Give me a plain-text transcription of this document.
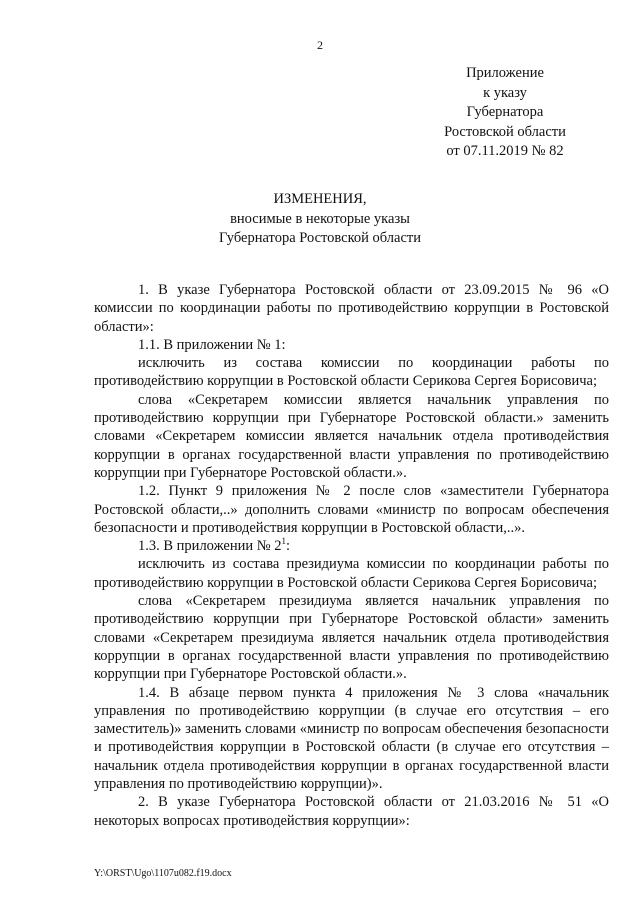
2
Приложение
к указу
Губернатора
Ростовской области
от 07.11.2019 № 82
ИЗМЕНЕНИЯ,
вносимые в некоторые указы
Губернатора Ростовской области

1. В указе Губернатора Ростовской области от 23.09.2015 № 96 «О комиссии по координации работы по противодействию коррупции в Ростовской области»:

1.1. В приложении № 1:

исключить из состава комиссии по координации работы по противодействию коррупции в Ростовской области Серикова Сергея Борисовича;

слова «Секретарем комиссии является начальник управления по противодействию коррупции при Губернаторе Ростовской области.» заменить словами «Секретарем комиссии является начальник отдела противодействия коррупции в органах государственной власти управления по противодействию коррупции при Губернаторе Ростовской области.».

1.2. Пункт 9 приложения № 2 после слов «заместители Губернатора Ростовской области,..» дополнить словами «министр по вопросам обеспечения безопасности и противодействия коррупции в Ростовской области,..».

1.3. В приложении № $2^1$:

исключить из состава президиума комиссии по координации работы по противодействию коррупции в Ростовской области Серикова Сергея Борисовича;

слова «Секретарем президиума является начальник управления по противодействию коррупции при Губернаторе Ростовской области» заменить словами «Секретарем президиума является начальник отдела противодействия коррупции в органах государственной власти управления по противодействию коррупции при Губернаторе Ростовской области.».

1.4. В абзаце первом пункта 4 приложения № 3 слова «начальник управления по противодействию коррупции (в случае его отсутствия – его заместитель)» заменить словами «министр по вопросам обеспечения безопасности и противодействия коррупции в Ростовской области (в случае его отсутствия – начальник отдела противодействия коррупции в органах государственной власти управления по противодействию коррупции)».

2. В указе Губернатора Ростовской области от 21.03.2016 № 51 «О некоторых вопросах противодействия коррупции»:

Y:\ORST\Ugo\1107u082.f19.docx
